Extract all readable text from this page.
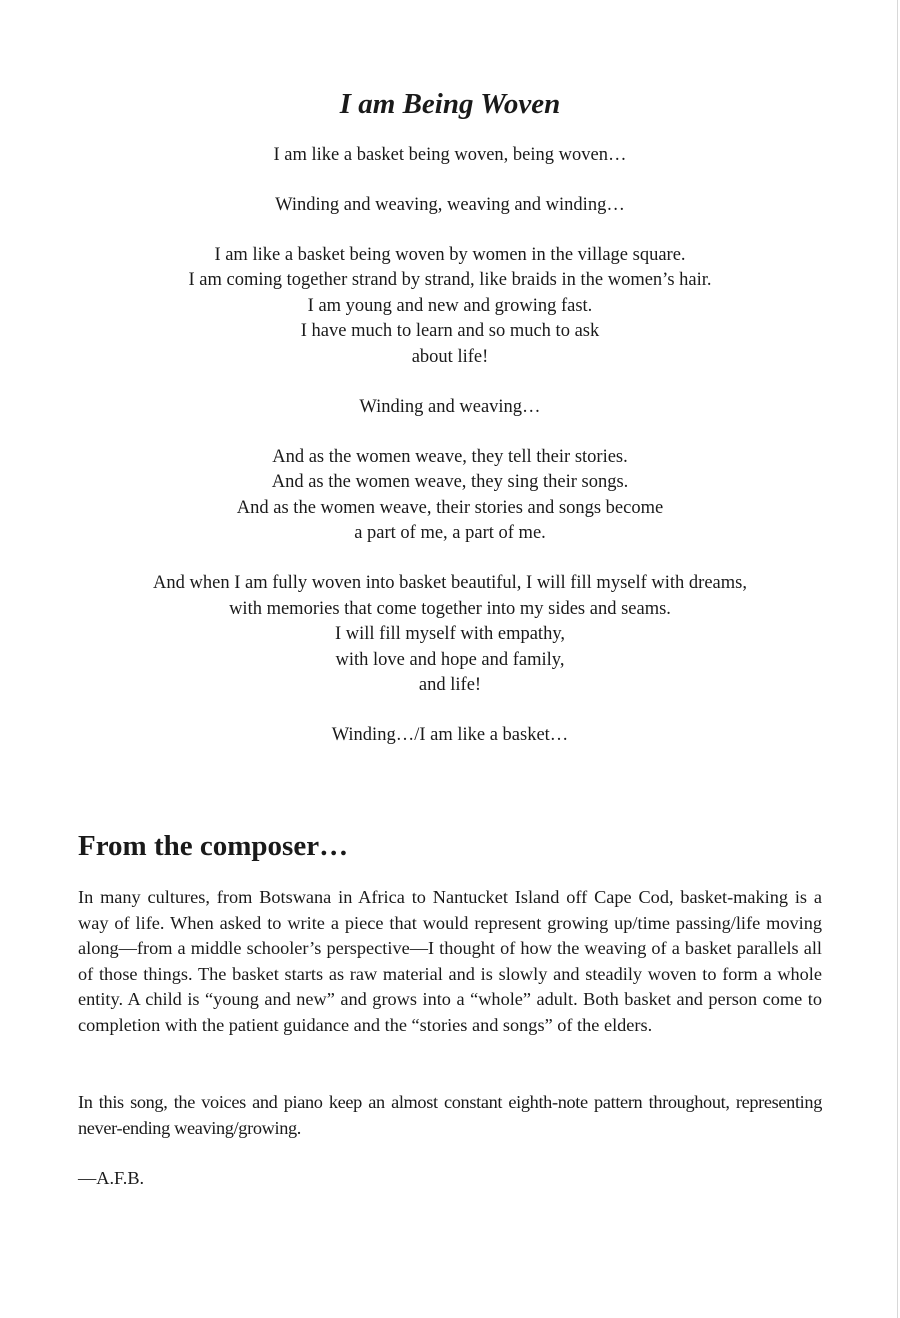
I am Being Woven
I am like a basket being woven, being woven…
Winding and weaving, weaving and winding…
I am like a basket being woven by women in the village square.
I am coming together strand by strand, like braids in the women’s hair.
I am young and new and growing fast.
I have much to learn and so much to ask
about life!
Winding and weaving…
And as the women weave, they tell their stories.
And as the women weave, they sing their songs.
And as the women weave, their stories and songs become
a part of me, a part of me.
And when I am fully woven into basket beautiful, I will fill myself with dreams,
with memories that come together into my sides and seams.
I will fill myself with empathy,
with love and hope and family,
and life!
Winding…/I am like a basket…
From the composer…

In many cultures, from Botswana in Africa to Nantucket Island off Cape Cod, basket-making is a way of life. When asked to write a piece that would represent growing up/time passing/life moving along—from a middle schooler’s perspective—I thought of how the weaving of a basket parallels all of those things. The basket starts as raw material and is slowly and steadily woven to form a whole entity. A child is “young and new” and grows into a “whole” adult. Both basket and person come to completion with the patient guidance and the “stories and songs” of the elders.

In this song, the voices and piano keep an almost constant eighth-note pattern throughout, representing never-ending weaving/growing.

—A.F.B.
